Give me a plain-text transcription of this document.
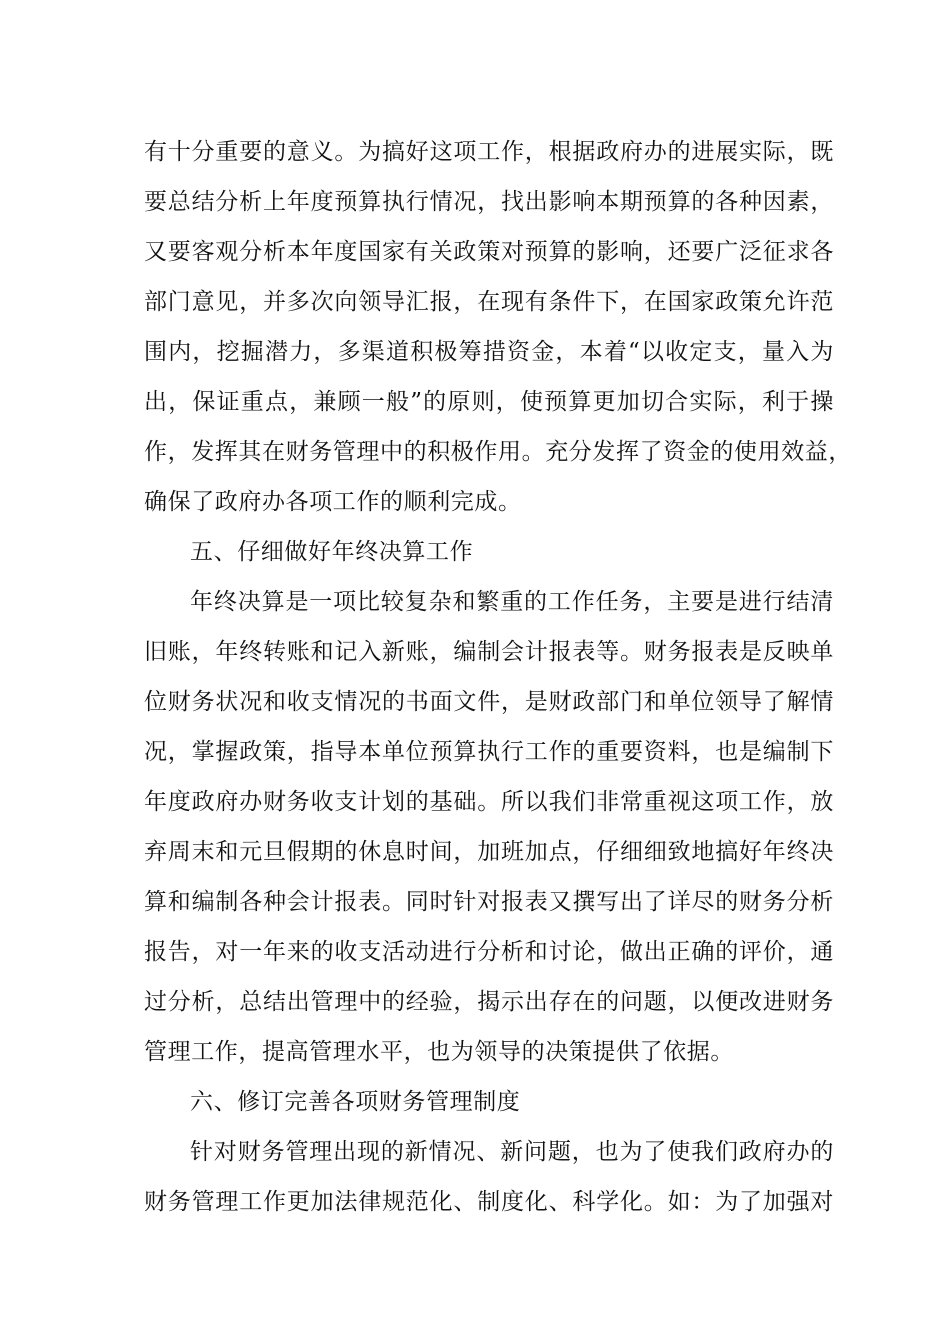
有十分重要的意义。为搞好这项工作，根据政府办的进展实际，既
要总结分析上年度预算执行情况，找出影响本期预算的各种因素，
又要客观分析本年度国家有关政策对预算的影响，还要广泛征求各
部门意见，并多次向领导汇报，在现有条件下，在国家政策允许范
围内，挖掘潜力，多渠道积极筹措资金，本着“以收定支，量入为
出，保证重点，兼顾一般”的原则，使预算更加切合实际，利于操
作，发挥其在财务管理中的积极作用。充分发挥了资金的使用效益，
确保了政府办各项工作的顺利完成。
五、仔细做好年终决算工作
年终决算是一项比较复杂和繁重的工作任务，主要是进行结清
旧账，年终转账和记入新账，编制会计报表等。财务报表是反映单
位财务状况和收支情况的书面文件，是财政部门和单位领导了解情
况，掌握政策，指导本单位预算执行工作的重要资料，也是编制下
年度政府办财务收支计划的基础。所以我们非常重视这项工作，放
弃周末和元旦假期的休息时间，加班加点，仔细细致地搞好年终决
算和编制各种会计报表。同时针对报表又撰写出了详尽的财务分析
报告，对一年来的收支活动进行分析和讨论，做出正确的评价，通
过分析，总结出管理中的经验，揭示出存在的问题，以便改进财务
管理工作，提高管理水平，也为领导的决策提供了依据。
六、修订完善各项财务管理制度
针对财务管理出现的新情况、新问题，也为了使我们政府办的
财务管理工作更加法律规范化、制度化、科学化。如：为了加强对
